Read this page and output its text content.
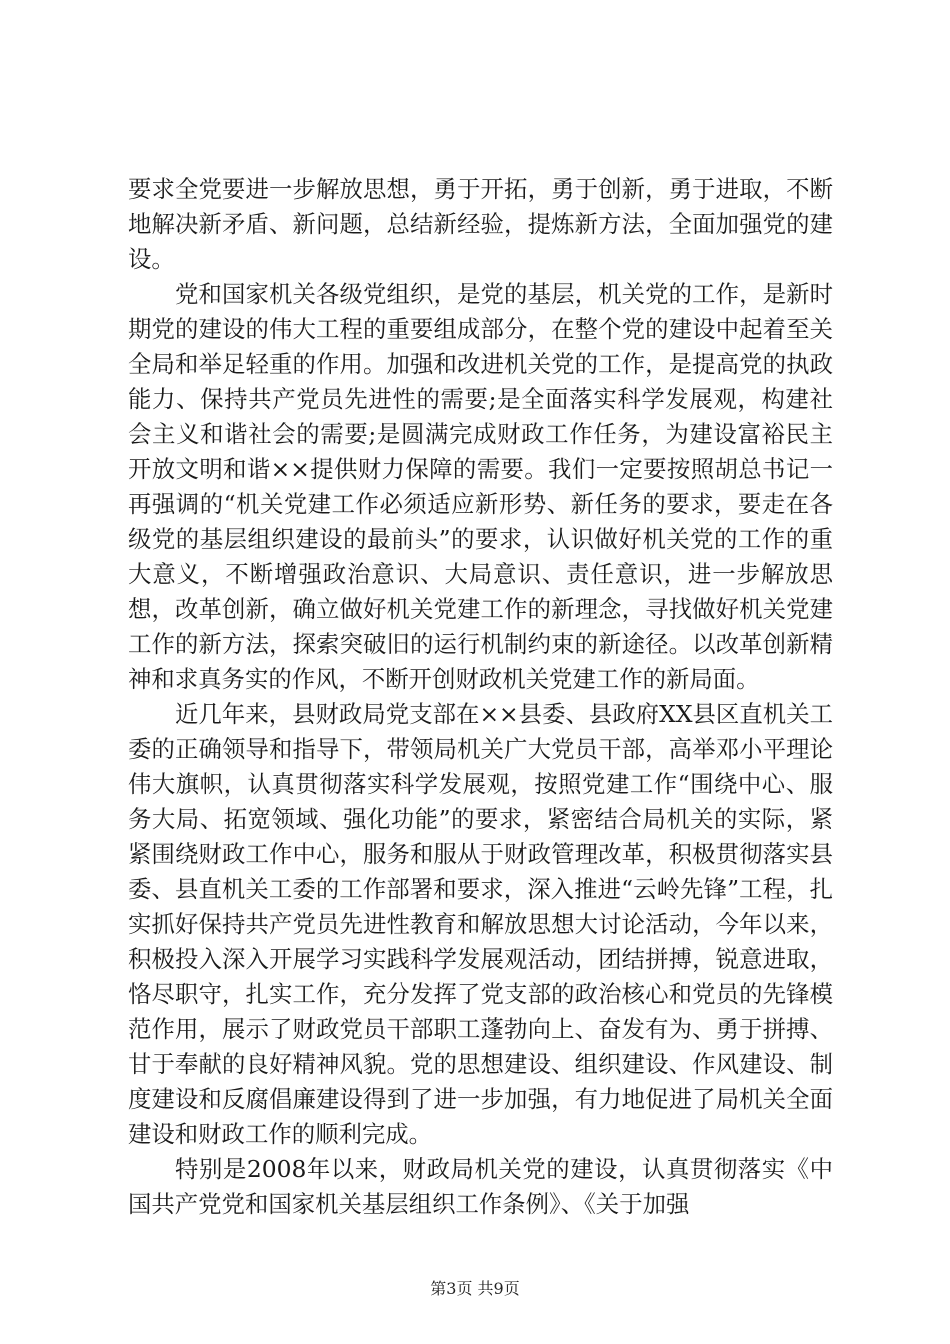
要求全党要进一步解放思想，勇于开拓，勇于创新，勇于进取，不断地解决新矛盾、新问题，总结新经验，提炼新方法，全面加强党的建设。

党和国家机关各级党组织，是党的基层，机关党的工作，是新时期党的建设的伟大工程的重要组成部分，在整个党的建设中起着至关全局和举足轻重的作用。加强和改进机关党的工作，是提高党的执政能力、保持共产党员先进性的需要;是全面落实科学发展观，构建社会主义和谐社会的需要;是圆满完成财政工作任务，为建设富裕民主开放文明和谐××提供财力保障的需要。我们一定要按照胡总书记一再强调的“机关党建工作必须适应新形势、新任务的要求，要走在各级党的基层组织建设的最前头”的要求，认识做好机关党的工作的重大意义，不断增强政治意识、大局意识、责任意识，进一步解放思想，改革创新，确立做好机关党建工作的新理念，寻找做好机关党建工作的新方法，探索突破旧的运行机制约束的新途径。以改革创新精神和求真务实的作风，不断开创财政机关党建工作的新局面。

近几年来，县财政局党支部在××县委、县政府XX县区直机关工委的正确领导和指导下，带领局机关广大党员干部，高举邓小平理论伟大旗帜，认真贯彻落实科学发展观，按照党建工作“围绕中心、服务大局、拓宽领域、强化功能”的要求，紧密结合局机关的实际，紧紧围绕财政工作中心，服务和服从于财政管理改革，积极贯彻落实县委、县直机关工委的工作部署和要求，深入推进“云岭先锋”工程，扎实抓好保持共产党员先进性教育和解放思想大讨论活动，今年以来，积极投入深入开展学习实践科学发展观活动，团结拼搏，锐意进取，恪尽职守，扎实工作，充分发挥了党支部的政治核心和党员的先锋模范作用，展示了财政党员干部职工蓬勃向上、奋发有为、勇于拼搏、甘于奉献的良好精神风貌。党的思想建设、组织建设、作风建设、制度建设和反腐倡廉建设得到了进一步加强，有力地促进了局机关全面建设和财政工作的顺利完成。

特别是2008年以来，财政局机关党的建设，认真贯彻落实《中国共产党党和国家机关基层组织工作条例》、《关于加强

第3页 共9页
